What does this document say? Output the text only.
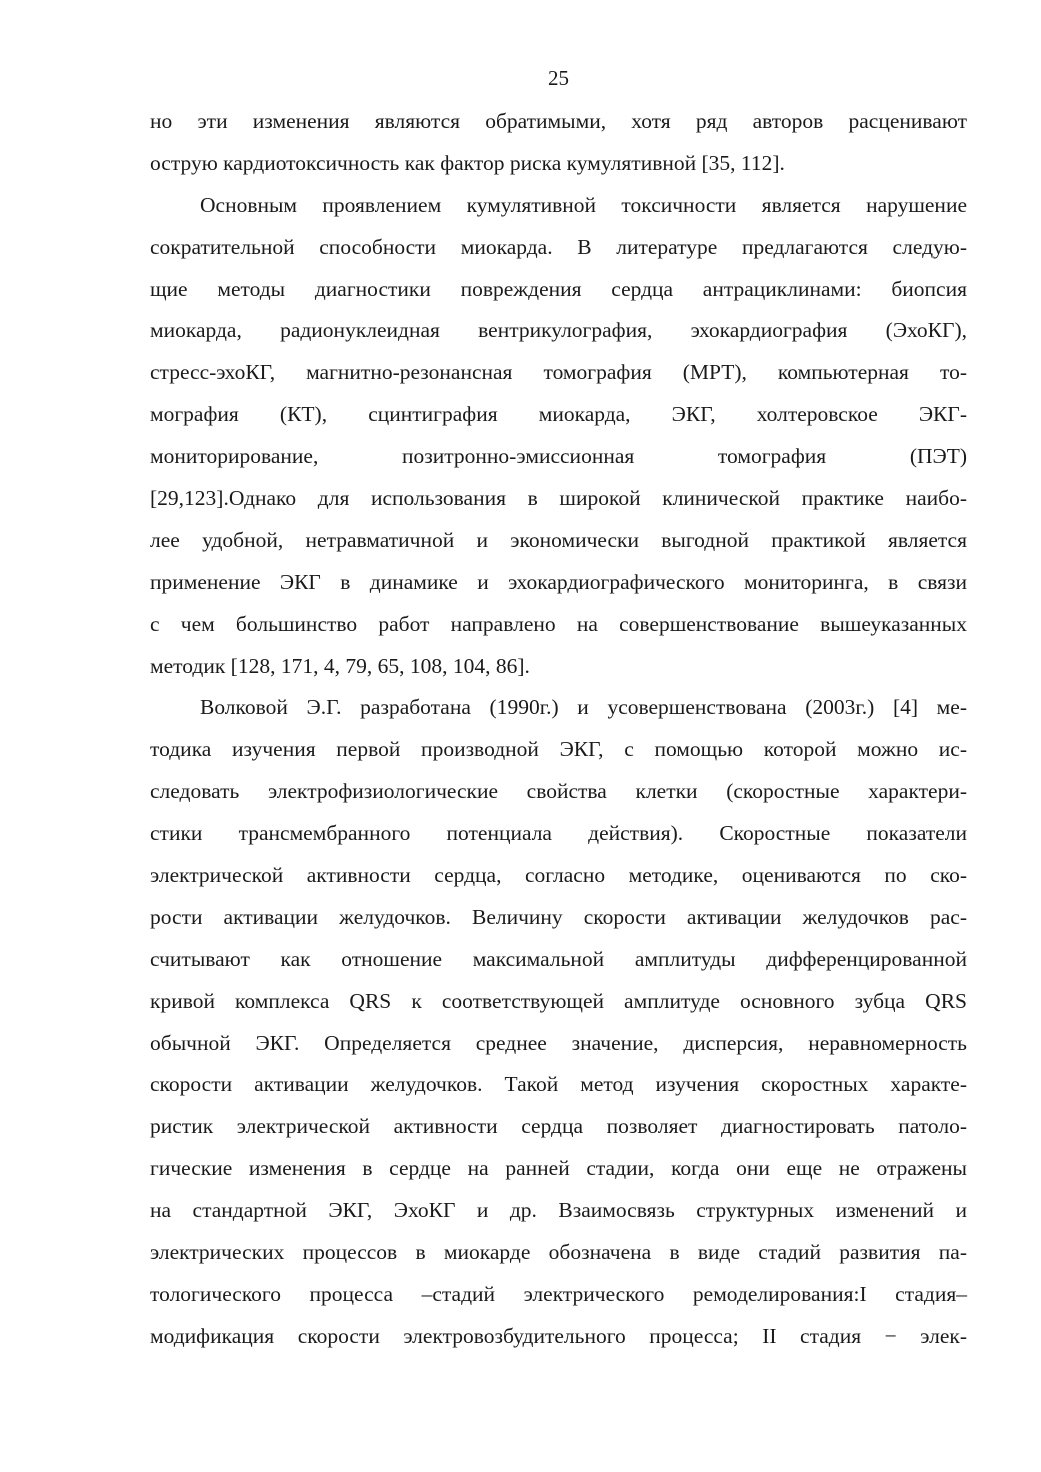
25

но эти изменения являются обратимыми, хотя ряд авторов расценивают
острую кардиотоксичность как фактор риска кумулятивной [35, 112].

Основным проявлением кумулятивной токсичности является нарушение
сократительной способности миокарда. В литературе предлагаются следую-
щие методы диагностики повреждения сердца антрациклинами: биопсия
миокарда, радионуклеидная вентрикулография, эхокардиография (ЭхоКГ),
стресс-эхоКГ, магнитно-резонансная томография (МРТ), компьютерная то-
мография (КТ), сцинтиграфия миокарда, ЭКГ, холтеровское ЭКГ-
мониторирование, позитронно-эмиссионная томография (ПЭТ)
[29,123].Однако для использования в широкой клинической практике наибо-
лее удобной, нетравматичной и экономически выгодной практикой является
применение ЭКГ в динамике и эхокардиографического мониторинга, в связи
с чем большинство работ направлено на совершенствование вышеуказанных
методик [128, 171, 4, 79, 65, 108, 104, 86].

Волковой Э.Г. разработана (1990г.) и усовершенствована (2003г.) [4] ме-
тодика изучения первой производной ЭКГ, с помощью которой можно ис-
следовать электрофизиологические свойства клетки (скоростные характери-
стики трансмембранного потенциала действия). Скоростные показатели
электрической активности сердца, согласно методике, оцениваются по ско-
рости активации желудочков. Величину скорости активации желудочков рас-
считывают как отношение максимальной амплитуды дифференцированной
кривой комплекса QRS к соответствующей амплитуде основного зубца QRS
обычной ЭКГ. Определяется среднее значение, дисперсия, неравномерность
скорости активации желудочков. Такой метод изучения скоростных характе-
ристик электрической активности сердца позволяет диагностировать патоло-
гические изменения в сердце на ранней стадии, когда они еще не отражены
на стандартной ЭКГ, ЭхоКГ и др. Взаимосвязь структурных изменений и
электрических процессов в миокарде обозначена в виде стадий развития па-
тологического процесса –стадий электрического ремоделирования:I стадия–
модификация скорости электровозбудительного процесса; II стадия − элек-
